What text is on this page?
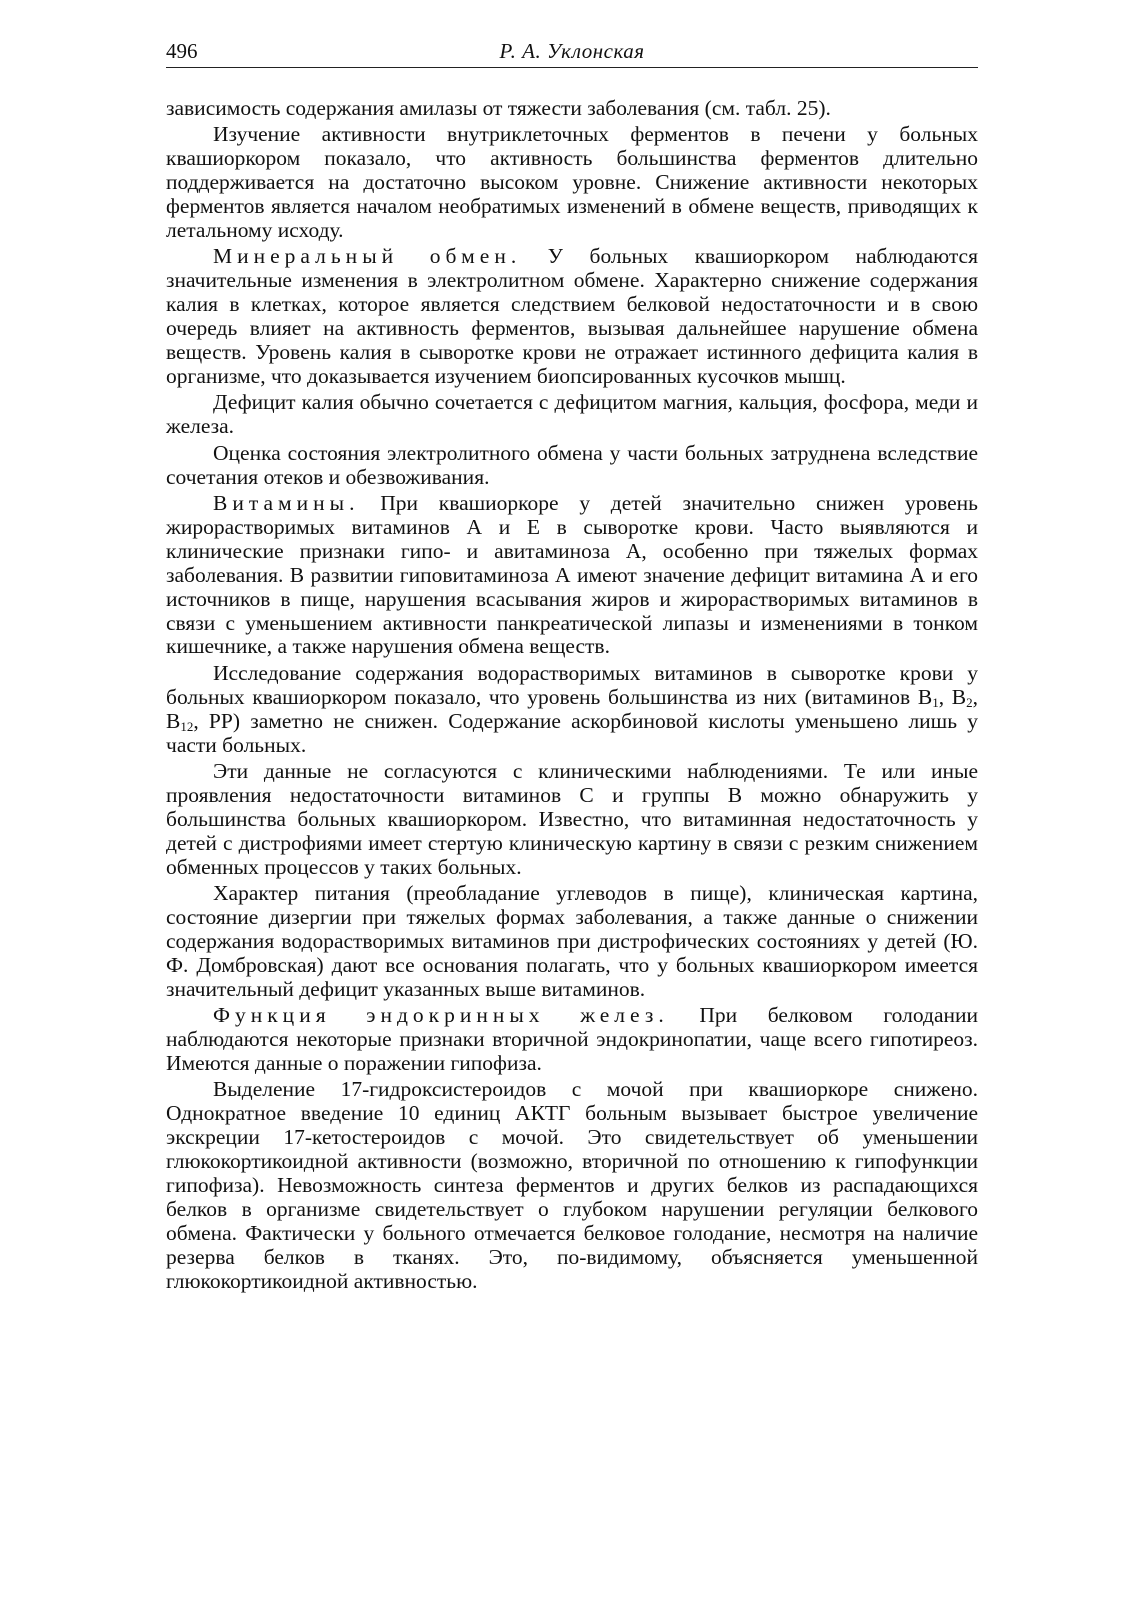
496	Р. А. Уклонская

зависимость содержания амилазы от тяжести заболевания (см. табл. 25).

Изучение активности внутриклеточных ферментов в печени у больных квашиоркором показало, что активность большинства ферментов длительно поддерживается на достаточно высоком уровне. Снижение активности некоторых ферментов является началом необратимых изменений в обмене веществ, приводящих к летальному исходу.

Минеральный обмен. У больных квашиоркором наблюдаются значительные изменения в электролитном обмене. Характерно снижение содержания калия в клетках, которое является следствием белковой недостаточности и в свою очередь влияет на активность ферментов, вызывая дальнейшее нарушение обмена веществ. Уровень калия в сыворотке крови не отражает истинного дефицита калия в организме, что доказывается изучением биопсированных кусочков мышц.

Дефицит калия обычно сочетается с дефицитом магния, кальция, фосфора, меди и железа.

Оценка состояния электролитного обмена у части больных затруднена вследствие сочетания отеков и обезвоживания.

Витамины. При квашиоркоре у детей значительно снижен уровень жирорастворимых витаминов А и Е в сыворотке крови. Часто выявляются и клинические признаки гипо- и авитаминоза А, особенно при тяжелых формах заболевания. В развитии гиповитаминоза А имеют значение дефицит витамина А и его источников в пище, нарушения всасывания жиров и жирорастворимых витаминов в связи с уменьшением активности панкреатической липазы и изменениями в тонком кишечнике, а также нарушения обмена веществ.

Исследование содержания водорастворимых витаминов в сыворотке крови у больных квашиоркором показало, что уровень большинства из них (витаминов $В_1$, $В_2$, $В_{12}$, РР) заметно не снижен. Содержание аскорбиновой кислоты уменьшено лишь у части больных.

Эти данные не согласуются с клиническими наблюдениями. Те или иные проявления недостаточности витаминов С и группы В можно обнаружить у большинства больных квашиоркором. Известно, что витаминная недостаточность у детей с дистрофиями имеет стертую клиническую картину в связи с резким снижением обменных процессов у таких больных.

Характер питания (преобладание углеводов в пище), клиническая картина, состояние дизергии при тяжелых формах заболевания, а также данные о снижении содержания водорастворимых витаминов при дистрофических состояниях у детей (Ю. Ф. Домбровская) дают все основания полагать, что у больных квашиоркором имеется значительный дефицит указанных выше витаминов.

Функция эндокринных желез. При белковом голодании наблюдаются некоторые признаки вторичной эндокринопатии, чаще всего гипотиреоз. Имеются данные о поражении гипофиза.

Выделение 17-гидроксистероидов с мочой при квашиоркоре снижено. Однократное введение 10 единиц АКТГ больным вызывает быстрое увеличение экскреции 17-кетостероидов с мочой. Это свидетельствует об уменьшении глюкокортикоидной активности (возможно, вторичной по отношению к гипофункции гипофиза). Невозможность синтеза ферментов и других белков из распадающихся белков в организме свидетельствует о глубоком нарушении регуляции белкового обмена. Фактически у больного отмечается белковое голодание, несмотря на наличие резерва белков в тканях. Это, по-видимому, объясняется уменьшенной глюкокортикоидной активностью.
